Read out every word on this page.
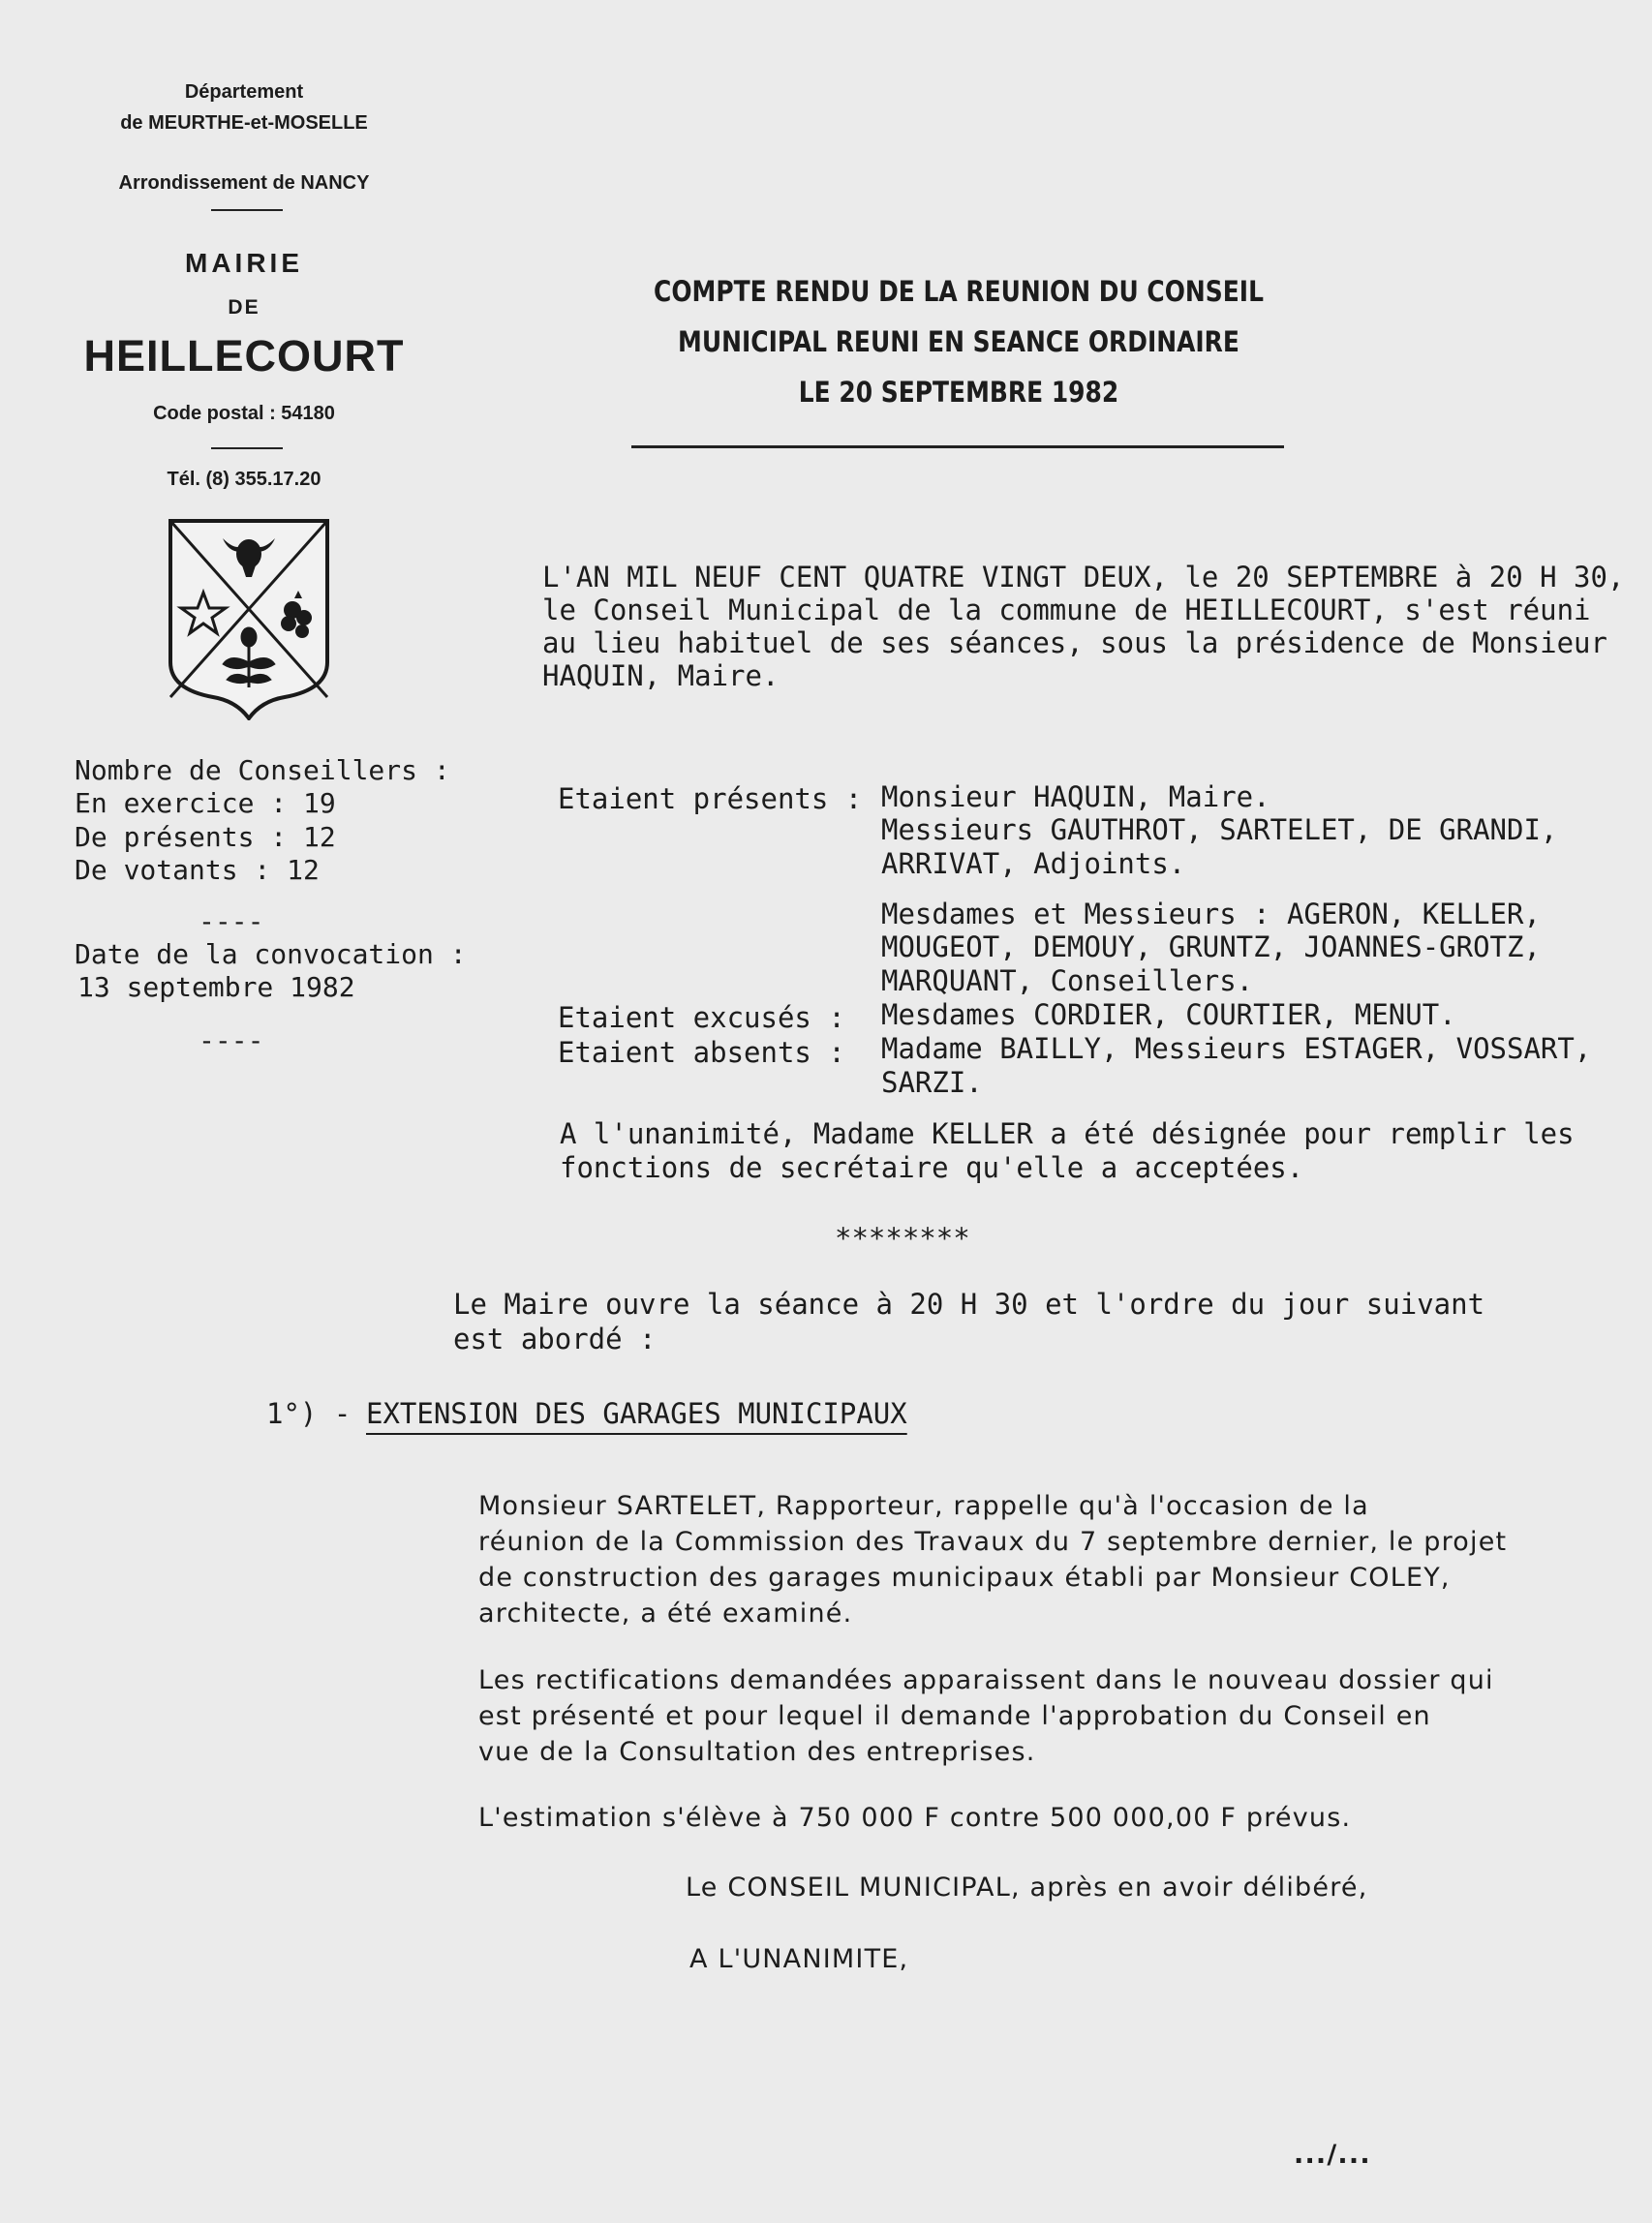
Département
de MEURTHE-et-MOSELLE
Arrondissement de NANCY
MAIRIE
DE
HEILLECOURT
Code postal : 54180
Tél. (8) 355.17.20
COMPTE RENDU DE LA REUNION DU CONSEIL
MUNICIPAL REUNI EN SEANCE ORDINAIRE
LE 20 SEPTEMBRE 1982
L'AN MIL NEUF CENT QUATRE VINGT DEUX, le 20 SEPTEMBRE à 20 H 30,
le Conseil Municipal de la commune de HEILLECOURT, s'est réuni
au lieu habituel de ses séances, sous la présidence de Monsieur
HAQUIN, Maire.
Nombre de Conseillers :
En exercice : 19
De présents : 12
De votants : 12
----
Date de la convocation :
13 septembre 1982
----
Etaient présents : Monsieur HAQUIN, Maire.
Messieurs GAUTHROT, SARTELET, DE GRANDI,
ARRIVAT, Adjoints.
Mesdames et Messieurs : AGERON, KELLER,
MOUGEOT, DEMOUY, GRUNTZ, JOANNES-GROTZ,
MARQUANT, Conseillers.
Etaient excusés : Mesdames CORDIER, COURTIER, MENUT.
Etaient absents : Madame BAILLY, Messieurs ESTAGER, VOSSART,
SARZI.
A l'unanimité, Madame KELLER a été désignée pour remplir les
fonctions de secrétaire qu'elle a acceptées.
********
Le Maire ouvre la séance à 20 H 30 et l'ordre du jour suivant
est abordé :
1°) - EXTENSION DES GARAGES MUNICIPAUX
Monsieur SARTELET, Rapporteur, rappelle qu'à l'occasion de la
réunion de la Commission des Travaux du 7 septembre dernier, le projet
de construction des garages municipaux établi par Monsieur COLEY,
architecte, a été examiné.
Les rectifications demandées apparaissent dans le nouveau dossier qui
est présenté et pour lequel il demande l'approbation du Conseil en
vue de la Consultation des entreprises.
L'estimation s'élève à 750 000 F contre 500 000,00 F prévus.
Le CONSEIL MUNICIPAL, après en avoir délibéré,
A L'UNANIMITE,
.../...
